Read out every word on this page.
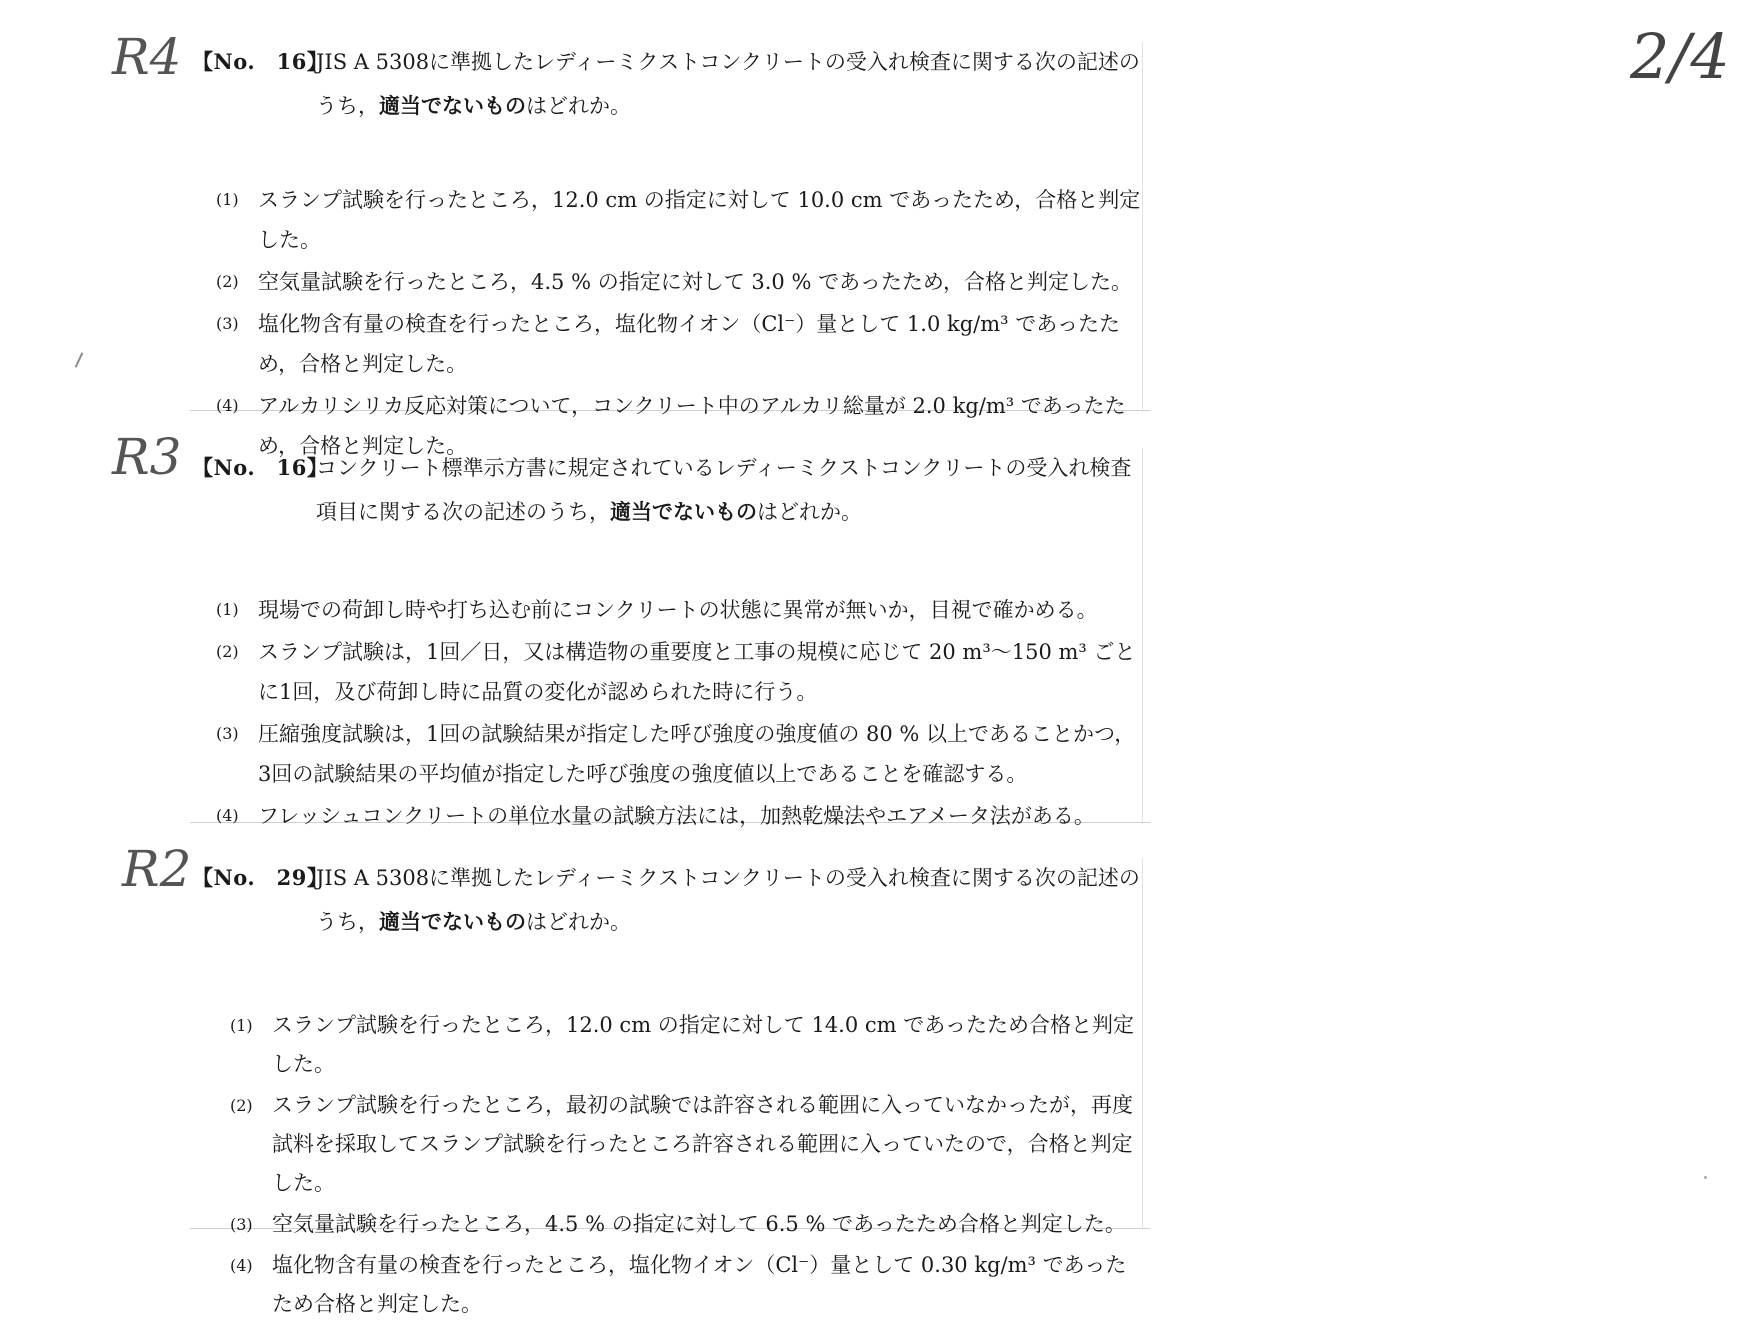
2/4
R4
R3
R2
【No.　16】

JIS A 5308に準拠したレディーミクストコンクリートの受入れ検査に関する次の記述のうち，適当でないものはどれか。

(1) スランプ試験を行ったところ，12.0 cm の指定に対して 10.0 cm であったため，合格と判定した。
(2) 空気量試験を行ったところ，4.5 % の指定に対して 3.0 % であったため，合格と判定した。
(3) 塩化物含有量の検査を行ったところ，塩化物イオン（Cl⁻）量として 1.0 kg/m³ であったため，合格と判定した。
(4) アルカリシリカ反応対策について，コンクリート中のアルカリ総量が 2.0 kg/m³ であったため，合格と判定した。
【No.　16】

コンクリート標準示方書に規定されているレディーミクストコンクリートの受入れ検査項目に関する次の記述のうち，適当でないものはどれか。

(1) 現場での荷卸し時や打ち込む前にコンクリートの状態に異常が無いか，目視で確かめる。
(2) スランプ試験は，1回／日，又は構造物の重要度と工事の規模に応じて 20 m³～150 m³ ごとに1回，及び荷卸し時に品質の変化が認められた時に行う。
(3) 圧縮強度試験は，1回の試験結果が指定した呼び強度の強度値の 80 % 以上であることかつ，3回の試験結果の平均値が指定した呼び強度の強度値以上であることを確認する。
(4) フレッシュコンクリートの単位水量の試験方法には，加熱乾燥法やエアメータ法がある。
【No.　29】

JIS A 5308に準拠したレディーミクストコンクリートの受入れ検査に関する次の記述のうち，適当でないものはどれか。

(1) スランプ試験を行ったところ，12.0 cm の指定に対して 14.0 cm であったため合格と判定した。
(2) スランプ試験を行ったところ，最初の試験では許容される範囲に入っていなかったが，再度試料を採取してスランプ試験を行ったところ許容される範囲に入っていたので，合格と判定した。
(3) 空気量試験を行ったところ，4.5 % の指定に対して 6.5 % であったため合格と判定した。
(4) 塩化物含有量の検査を行ったところ，塩化物イオン（Cl⁻）量として 0.30 kg/m³ であったため合格と判定した。
